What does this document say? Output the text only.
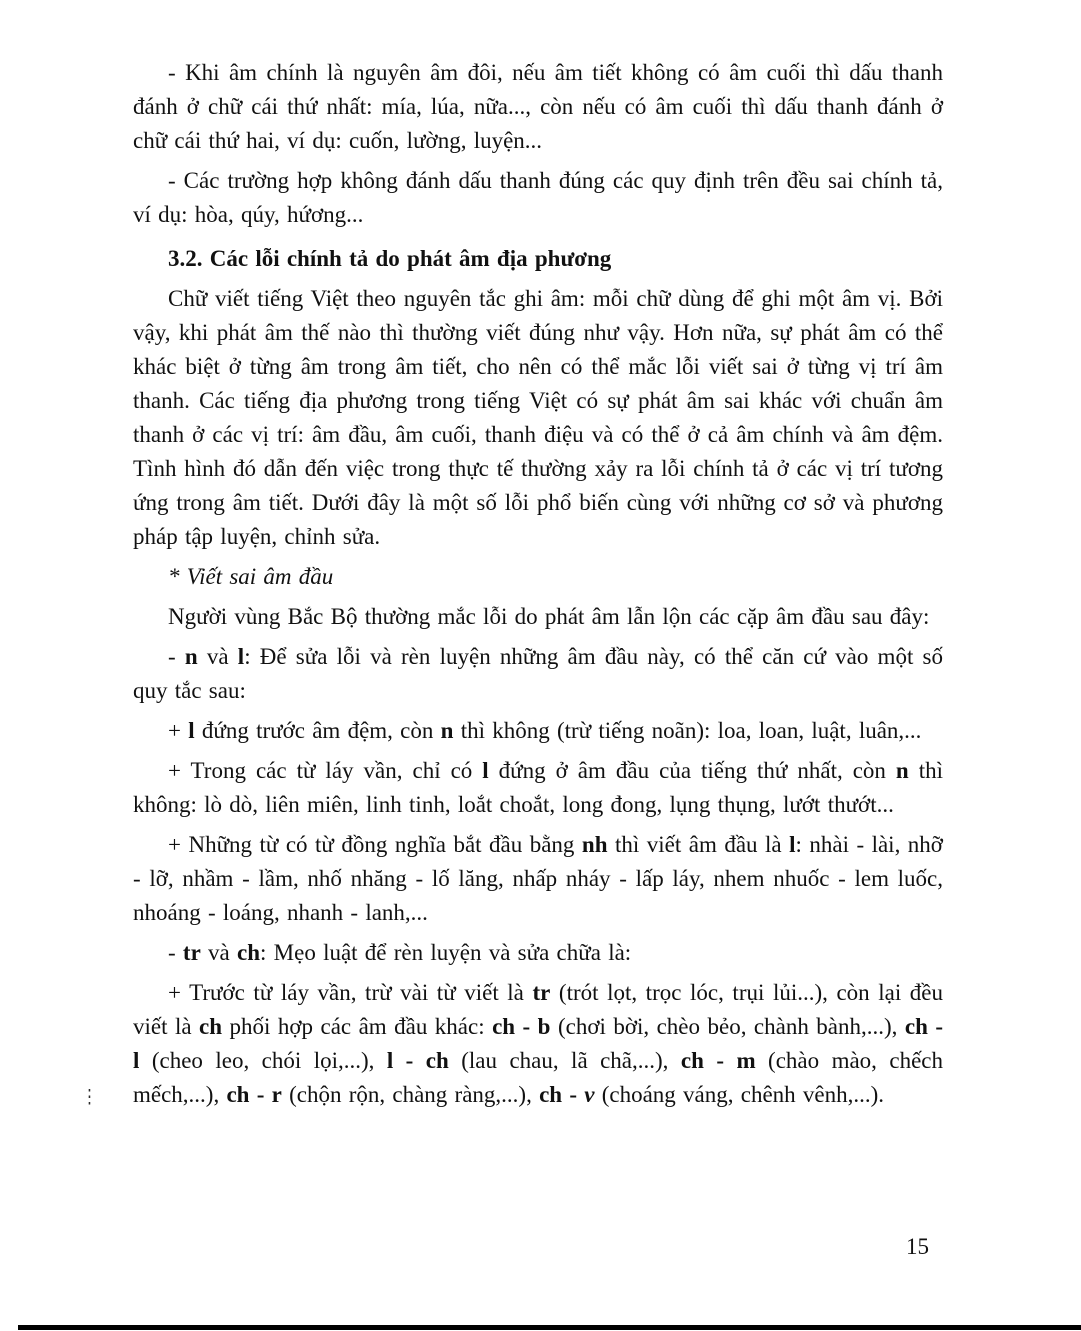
- Khi âm chính là nguyên âm đôi, nếu âm tiết không có âm cuối thì dấu thanh đánh ở chữ cái thứ nhất: mía, lúa, nữa..., còn nếu có âm cuối thì dấu thanh đánh ở chữ cái thứ hai, ví dụ: cuốn, lường, luyện...

- Các trường hợp không đánh dấu thanh đúng các quy định trên đều sai chính tả, ví dụ: hòa, qúy, hứơng...

3.2. Các lỗi chính tả do phát âm địa phương

Chữ viết tiếng Việt theo nguyên tắc ghi âm: mỗi chữ dùng để ghi một âm vị. Bởi vậy, khi phát âm thế nào thì thường viết đúng như vậy. Hơn nữa, sự phát âm có thể khác biệt ở từng âm trong âm tiết, cho nên có thể mắc lỗi viết sai ở từng vị trí âm thanh. Các tiếng địa phương trong tiếng Việt có sự phát âm sai khác với chuẩn âm thanh ở các vị trí: âm đầu, âm cuối, thanh điệu và có thể ở cả âm chính và âm đệm. Tình hình đó dẫn đến việc trong thực tế thường xảy ra lỗi chính tả ở các vị trí tương ứng trong âm tiết. Dưới đây là một số lỗi phổ biến cùng với những cơ sở và phương pháp tập luyện, chỉnh sửa.

* Viết sai âm đầu

Người vùng Bắc Bộ thường mắc lỗi do phát âm lẫn lộn các cặp âm đầu sau đây:

- n và l: Để sửa lỗi và rèn luyện những âm đầu này, có thể căn cứ vào một số quy tắc sau:

+ l đứng trước âm đệm, còn n thì không (trừ tiếng noãn): loa, loan, luật, luân,...

+ Trong các từ láy vần, chỉ có l đứng ở âm đầu của tiếng thứ nhất, còn n thì không: lò dò, liên miên, linh tinh, loắt choắt, long đong, lụng thụng, lướt thướt...

+ Những từ có từ đồng nghĩa bắt đầu bằng nh thì viết âm đầu là l: nhài - lài, nhỡ - lỡ, nhầm - lầm, nhố nhăng - lố lăng, nhấp nháy - lấp láy, nhem nhuốc - lem luốc, nhoáng - loáng, nhanh - lanh,...

- tr và ch: Mẹo luật để rèn luyện và sửa chữa là:

+ Trước từ láy vần, trừ vài từ viết là tr (trót lọt, trọc lóc, trụi lủi...), còn lại đều viết là ch phối hợp các âm đầu khác: ch - b (chơi bời, chèo bẻo, chành bành,...), ch - l (cheo leo, chói lọi,...), l - ch (lau chau, lã chã,...), ch - m (chào mào, chếch mếch,...), ch - r (chộn rộn, chàng ràng,...), ch - v (choáng váng, chênh vênh,...).

⋮
15
